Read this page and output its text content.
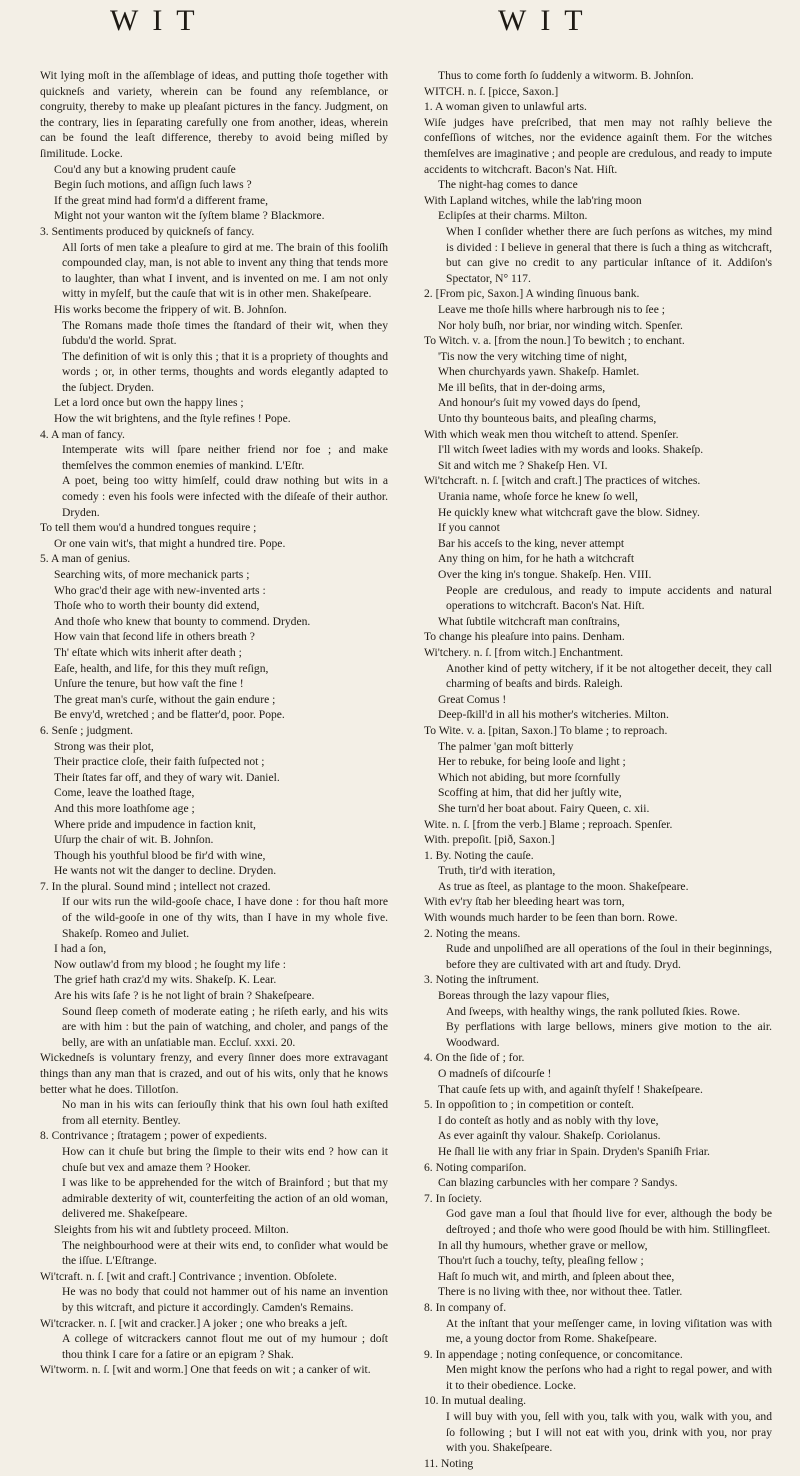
WIT	WIT

Wit lying moſt in the aſſemblage of ideas, and putting thoſe together with quickneſs and variety, wherein can be found any reſemblance, or congruity, thereby to make up pleaſant pictures in the fancy. Judgment, on the contrary, lies in ſeparating carefully one from another, ideas, wherein can be found the leaſt difference, thereby to avoid being miſled by ſimilitude. Locke.

Cou'd any but a knowing prudent cauſe

Begin ſuch motions, and aſſign ſuch laws ?

If the great mind had form'd a different frame,

Might not your wanton wit the ſyſtem blame ? Blackmore.

3. Sentiments produced by quickneſs of fancy.

All ſorts of men take a pleaſure to gird at me. The brain of this fooliſh compounded clay, man, is not able to invent any thing that tends more to laughter, than what I invent, and is invented on me. I am not only witty in myſelf, but the cauſe that wit is in other men. Shakeſpeare.

His works become the frippery of wit. B. Johnſon.

The Romans made thoſe times the ſtandard of their wit, when they ſubdu'd the world. Sprat.

The definition of wit is only this ; that it is a propriety of thoughts and words ; or, in other terms, thoughts and words elegantly adapted to the ſubject. Dryden.

Let a lord once but own the happy lines ;

How the wit brightens, and the ſtyle refines ! Pope.

4. A man of fancy.

Intemperate wits will ſpare neither friend nor foe ; and make themſelves the common enemies of mankind. L'Eſtr.

A poet, being too witty himſelf, could draw nothing but wits in a comedy : even his fools were infected with the diſeaſe of their author. Dryden.

To tell them wou'd a hundred tongues require ;

Or one vain wit's, that might a hundred tire. Pope.

5. A man of genius.

Searching wits, of more mechanick parts ;

Who grac'd their age with new-invented arts :

Thoſe who to worth their bounty did extend,

And thoſe who knew that bounty to commend. Dryden.

How vain that ſecond life in others breath ?

Th' eſtate which wits inherit after death ;

Eaſe, health, and life, for this they muſt reſign,

Unſure the tenure, but how vaſt the fine !

The great man's curſe, without the gain endure ;

Be envy'd, wretched ; and be flatter'd, poor. Pope.

6. Senſe ; judgment.

Strong was their plot,

Their practice cloſe, their faith ſuſpected not ;

Their ſtates far off, and they of wary wit. Daniel.

Come, leave the loathed ſtage,

And this more loathſome age ;

Where pride and impudence in faction knit,

Uſurp the chair of wit. B. Johnſon.

Though his youthful blood be fir'd with wine,

He wants not wit the danger to decline. Dryden.

7. In the plural. Sound mind ; intellect not crazed.

If our wits run the wild-gooſe chace, I have done : for thou haſt more of the wild-gooſe in one of thy wits, than I have in my whole five. Shakeſp. Romeo and Juliet.

I had a ſon,

Now outlaw'd from my blood ; he ſought my life :

The grief hath craz'd my wits. Shakeſp. K. Lear.

Are his wits ſafe ? is he not light of brain ? Shakeſpeare.

Sound ſleep cometh of moderate eating ; he riſeth early, and his wits are with him : but the pain of watching, and choler, and pangs of the belly, are with an unſatiable man. Eccluſ. xxxi. 20.

Wickedneſs is voluntary frenzy, and every ſinner does more extravagant things than any man that is crazed, and out of his wits, only that he knows better what he does. Tillotſon.

No man in his wits can ſeriouſly think that his own ſoul hath exiſted from all eternity. Bentley.

8. Contrivance ; ſtratagem ; power of expedients.

How can it chuſe but bring the ſimple to their wits end ? how can it chuſe but vex and amaze them ? Hooker.

I was like to be apprehended for the witch of Brainford ; but that my admirable dexterity of wit, counterfeiting the action of an old woman, delivered me. Shakeſpeare.

Sleights from his wit and ſubtlety proceed. Milton.

The neighbourhood were at their wits end, to conſider what would be the iſſue. L'Eſtrange.

Wi'tcraft. n. ſ. [wit and craft.] Contrivance ; invention. Obſolete.

He was no body that could not hammer out of his name an invention by this witcraft, and picture it accordingly. Camden's Remains.

Wi'tcracker. n. ſ. [wit and cracker.] A joker ; one who breaks a jeſt.

A college of witcrackers cannot flout me out of my humour ; doſt thou think I care for a ſatire or an epigram ? Shak.

Wi'tworm. n. ſ. [wit and worm.] One that feeds on wit ; a canker of wit.

Thus to come forth ſo ſuddenly a witworm. B. Johnſon.

WITCH. n. ſ. [picce, Saxon.]

1. A woman given to unlawful arts.

Wiſe judges have preſcribed, that men may not raſhly believe the confeſſions of witches, nor the evidence againſt them. For the witches themſelves are imaginative ; and people are credulous, and ready to impute accidents to witchcraft. Bacon's Nat. Hiſt.

The night-hag comes to dance

With Lapland witches, while the lab'ring moon

Eclipſes at their charms. Milton.

When I conſider whether there are ſuch perſons as witches, my mind is divided : I believe in general that there is ſuch a thing as witchcraft, but can give no credit to any particular inſtance of it. Addiſon's Spectator, N° 117.

2. [From pic, Saxon.] A winding ſinuous bank.

Leave me thoſe hills where harbrough nis to ſee ;

Nor holy buſh, nor briar, nor winding witch. Spenſer.

To Witch. v. a. [from the noun.] To bewitch ; to enchant.

'Tis now the very witching time of night,

When churchyards yawn. Shakeſp. Hamlet.

Me ill beſits, that in der-doing arms,

And honour's ſuit my vowed days do ſpend,

Unto thy bounteous baits, and pleaſing charms,

With which weak men thou witcheſt to attend. Spenſer.

I'll witch ſweet ladies with my words and looks. Shakeſp.

Sit and witch me ? Shakeſp Hen. VI.

Wi'tchcraft. n. ſ. [witch and craft.] The practices of witches.

Urania name, whoſe force he knew ſo well,

He quickly knew what witchcraft gave the blow. Sidney.

If you cannot

Bar his acceſs to the king, never attempt

Any thing on him, for he hath a witchcraft

Over the king in's tongue. Shakeſp. Hen. VIII.

People are credulous, and ready to impute accidents and natural operations to witchcraft. Bacon's Nat. Hiſt.

What ſubtile witchcraft man conſtrains,

To change his pleaſure into pains. Denham.

Wi'tchery. n. ſ. [from witch.] Enchantment.

Another kind of petty witchery, if it be not altogether deceit, they call charming of beaſts and birds. Raleigh.

Great Comus !

Deep-ſkill'd in all his mother's witcheries. Milton.

To Wite. v. a. [pitan, Saxon.] To blame ; to reproach.

The palmer 'gan moſt bitterly

Her to rebuke, for being looſe and light ;

Which not abiding, but more ſcornfully

Scoffing at him, that did her juſtly wite,

She turn'd her boat about. Fairy Queen, c. xii.

Wite. n. ſ. [from the verb.] Blame ; reproach. Spenſer.

With. prepoſit. [pið, Saxon.]

1. By. Noting the cauſe.

Truth, tir'd with iteration,

As true as ſteel, as plantage to the moon. Shakeſpeare.

With ev'ry ſtab her bleeding heart was torn,

With wounds much harder to be ſeen than born. Rowe.

2. Noting the means.

Rude and unpoliſhed are all operations of the ſoul in their beginnings, before they are cultivated with art and ſtudy. Dryd.

3. Noting the inſtrument.

Boreas through the lazy vapour flies,

And ſweeps, with healthy wings, the rank polluted ſkies. Rowe.

By perflations with large bellows, miners give motion to the air. Woodward.

4. On the ſide of ; for.

O madneſs of diſcourſe !

That cauſe ſets up with, and againſt thyſelf ! Shakeſpeare.

5. In oppoſition to ; in competition or conteſt.

I do conteſt as hotly and as nobly with thy love,

As ever againſt thy valour. Shakeſp. Coriolanus.

He ſhall lie with any friar in Spain. Dryden's Spaniſh Friar.

6. Noting compariſon.

Can blazing carbuncles with her compare ? Sandys.

7. In ſociety.

God gave man a ſoul that ſhould live for ever, although the body be deſtroyed ; and thoſe who were good ſhould be with him. Stillingfleet.

In all thy humours, whether grave or mellow,

Thou'rt ſuch a touchy, teſty, pleaſing fellow ;

Haſt ſo much wit, and mirth, and ſpleen about thee,

There is no living with thee, nor without thee. Tatler.

8. In company of.

At the inſtant that your meſſenger came, in loving viſitation was with me, a young doctor from Rome. Shakeſpeare.

9. In appendage ; noting conſequence, or concomitance.

Men might know the perſons who had a right to regal power, and with it to their obedience. Locke.

10. In mutual dealing.

I will buy with you, ſell with you, talk with you, walk with you, and ſo following ; but I will not eat with you, drink with you, nor pray with you. Shakeſpeare.

11. Noting
